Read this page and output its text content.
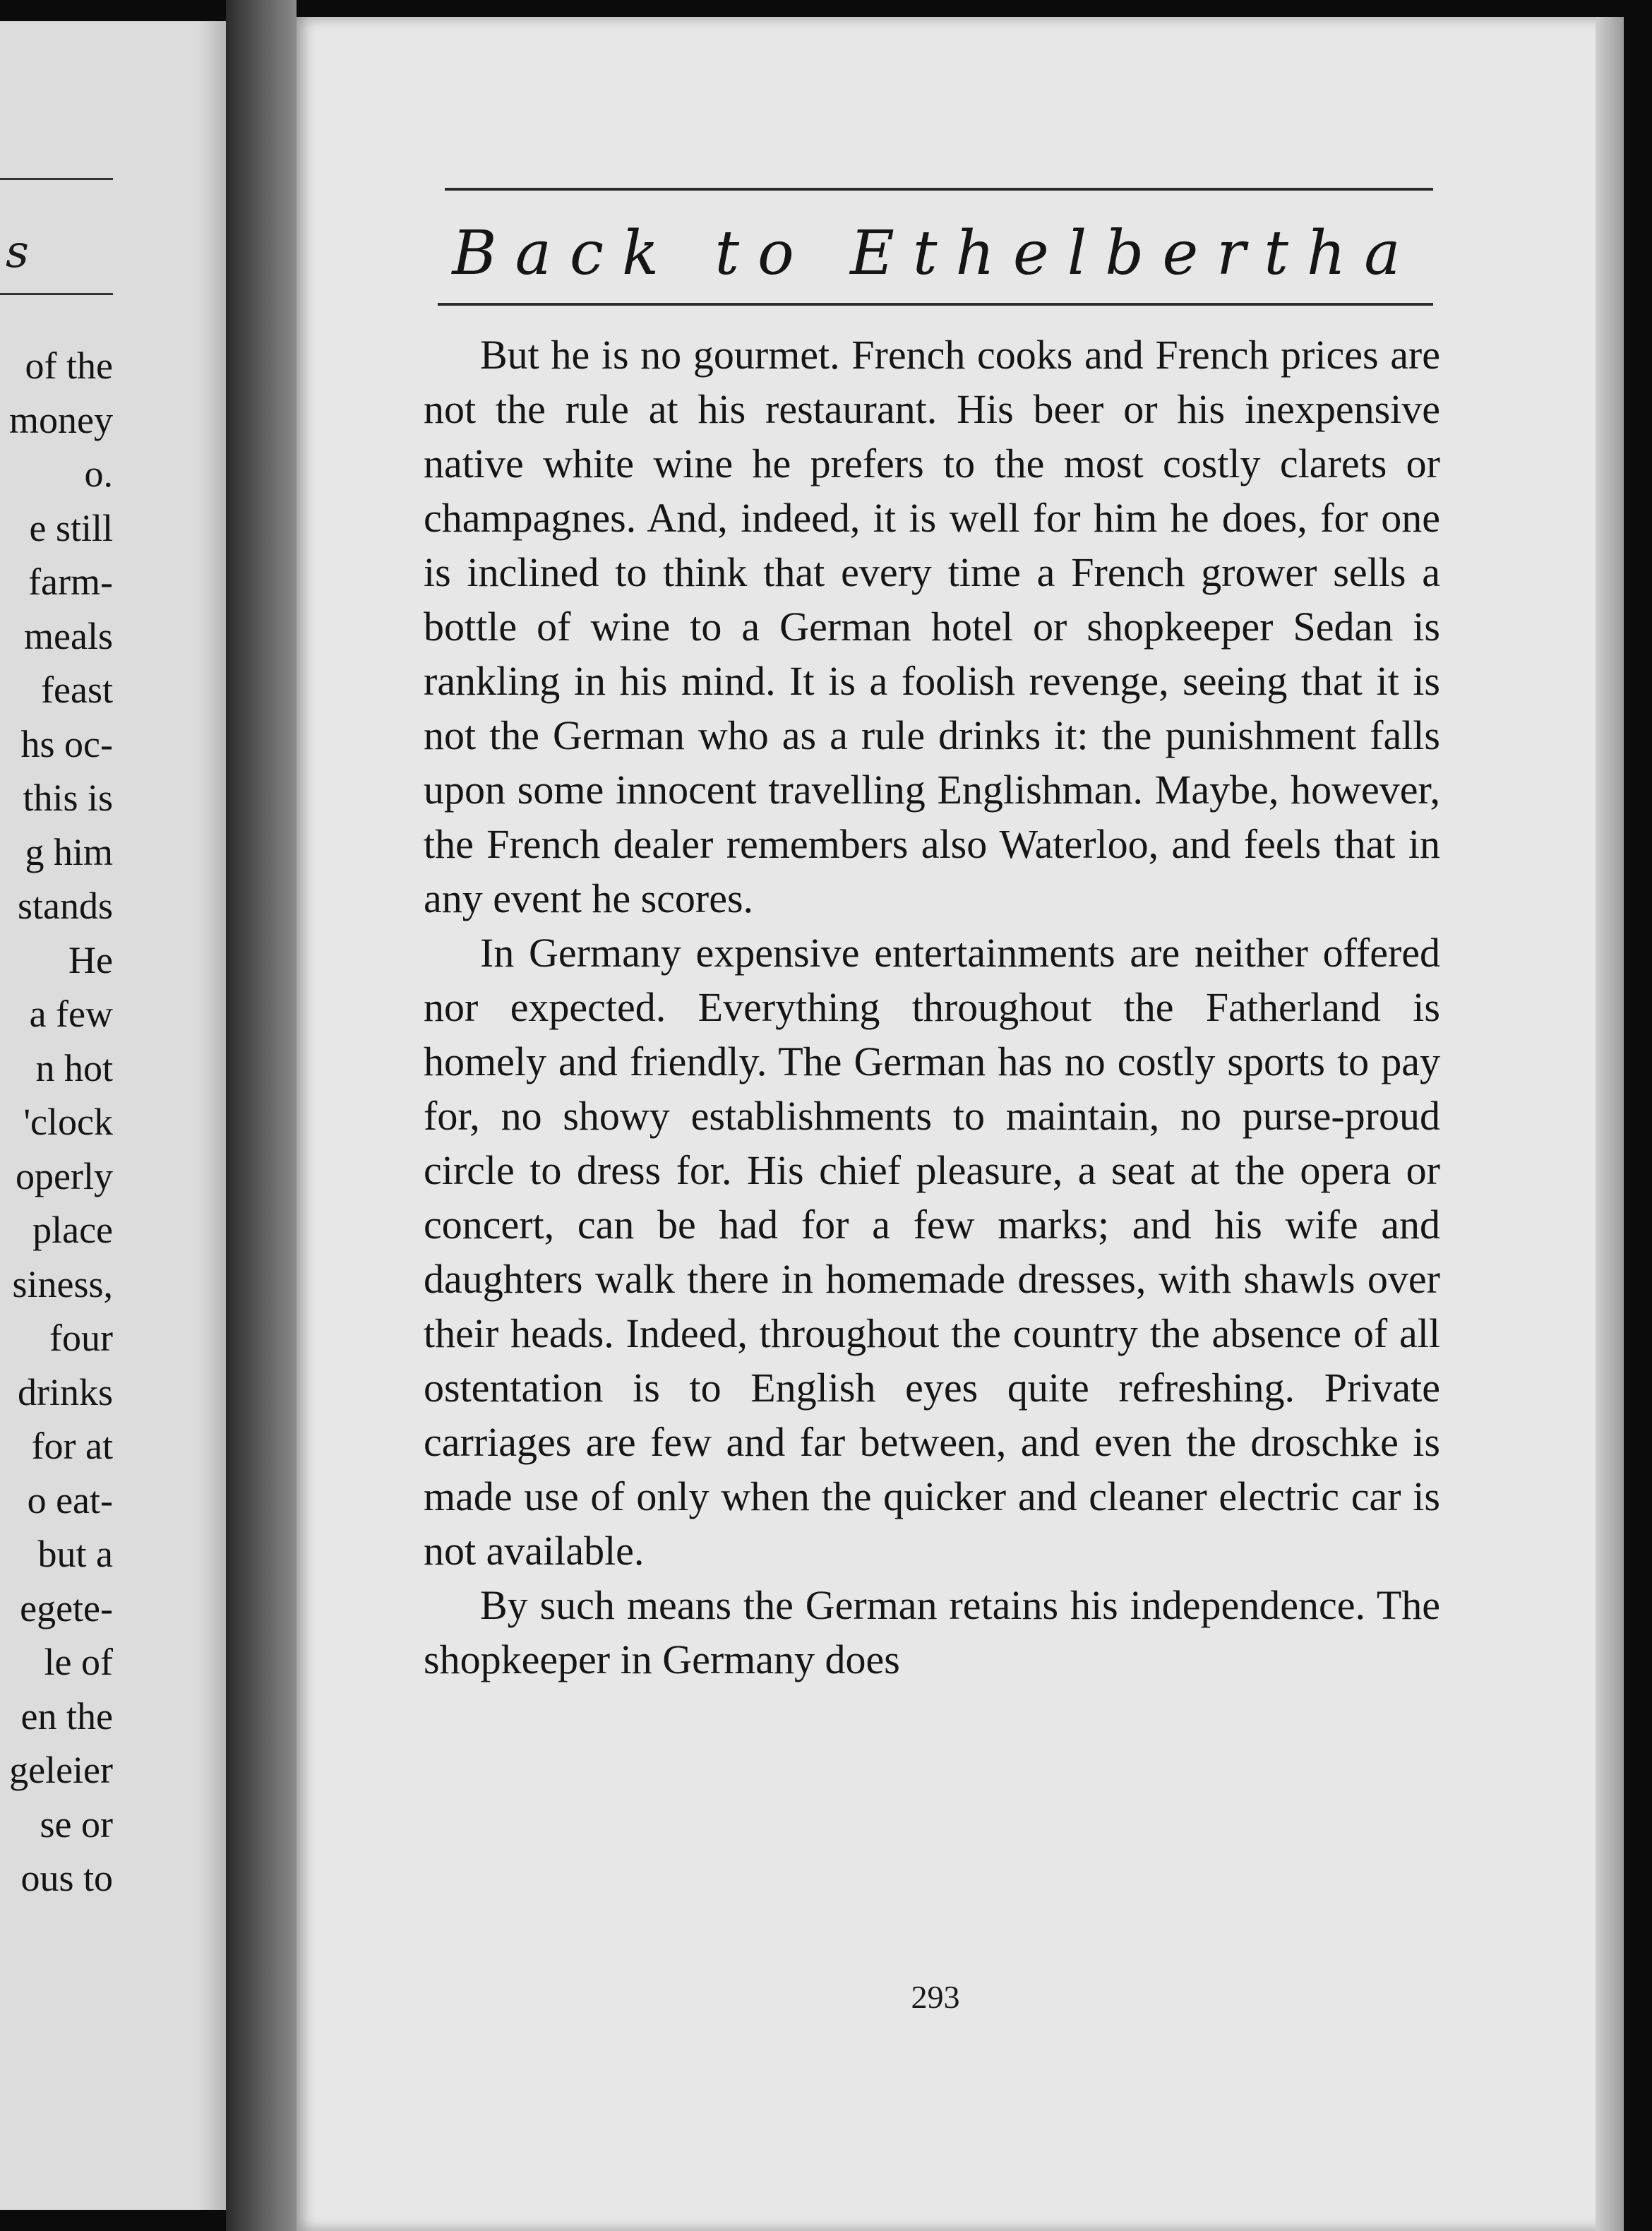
s
of the
money
o.
e still
farm-
meals
feast
hs oc-
this is
g him
stands
He
a few
n hot
'clock
operly
place
siness,
four
drinks
for at
o eat-
but a
egete-
le of
en the
geleier
se or
ous to
Back to Ethelbertha

But he is no gourmet. French cooks and French prices are not the rule at his restaurant. His beer or his inexpensive native white wine he prefers to the most costly clarets or champagnes. And, indeed, it is well for him he does, for one is inclined to think that every time a French grower sells a bottle of wine to a German hotel or shopkeeper Sedan is rankling in his mind. It is a foolish revenge, seeing that it is not the German who as a rule drinks it: the punishment falls upon some innocent travelling Englishman. Maybe, however, the French dealer remembers also Waterloo, and feels that in any event he scores.

In Germany expensive entertainments are neither offered nor expected. Everything throughout the Fatherland is homely and friendly. The German has no costly sports to pay for, no showy establishments to maintain, no purse-proud circle to dress for. His chief pleasure, a seat at the opera or concert, can be had for a few marks; and his wife and daughters walk there in homemade dresses, with shawls over their heads. Indeed, throughout the country the absence of all ostentation is to English eyes quite refreshing. Private carriages are few and far between, and even the droschke is made use of only when the quicker and cleaner electric car is not available.

By such means the German retains his independence. The shopkeeper in Germany does

293
